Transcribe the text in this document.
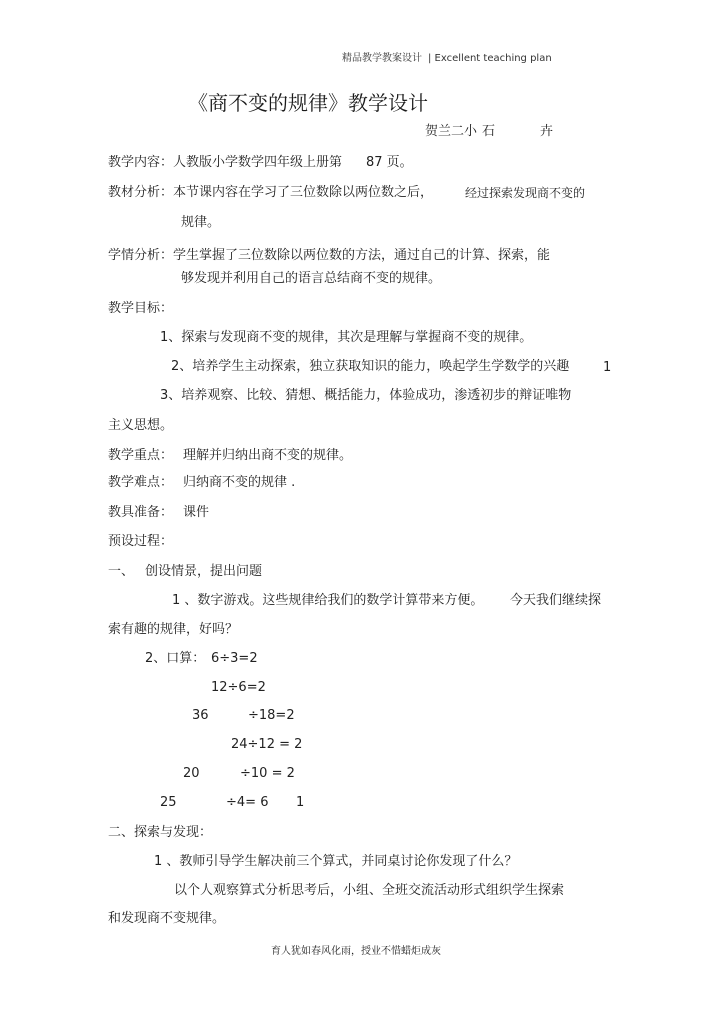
精品教学教案设计 | Excellent teaching plan
《商不变的规律》教学设计
贺兰二小 石	卉
教学内容：人教版小学数学四年级上册第 87 页。
教材分析：本节课内容在学习了三位数除以两位数之后，	经过探索发现商不变的
规律。
学情分析：学生掌握了三位数除以两位数的方法，通过自己的计算、探索，能
够发现并利用自己的语言总结商不变的规律。
教学目标：
1、探索与发现商不变的规律，其次是理解与掌握商不变的规律。
2、培养学生主动探索，独立获取知识的能力，唤起学生学数学的兴趣	1
3、培养观察、比较、猜想、概括能力，体验成功，渗透初步的辩证唯物
主义思想。
教学重点： 理解并归纳出商不变的规律。
教学难点： 归纳商不变的规律 .
教具准备： 课件
预设过程：
一、 创设情景，提出问题
1 、数字游戏。这些规律给我们的数学计算带来方便。 今天我们继续探
索有趣的规律，好吗？
2、口算： 6÷3=2
12÷6=2
36	÷18=2
24÷12 = 2
20	÷10 = 2
25	÷4= 6 1
二、探索与发现：
1 、教师引导学生解决前三个算式，并同桌讨论你发现了什么？
以个人观察算式分析思考后，小组、全班交流活动形式组织学生探索
和发现商不变规律。
育人犹如春风化雨，授业不惜蜡炬成灰
